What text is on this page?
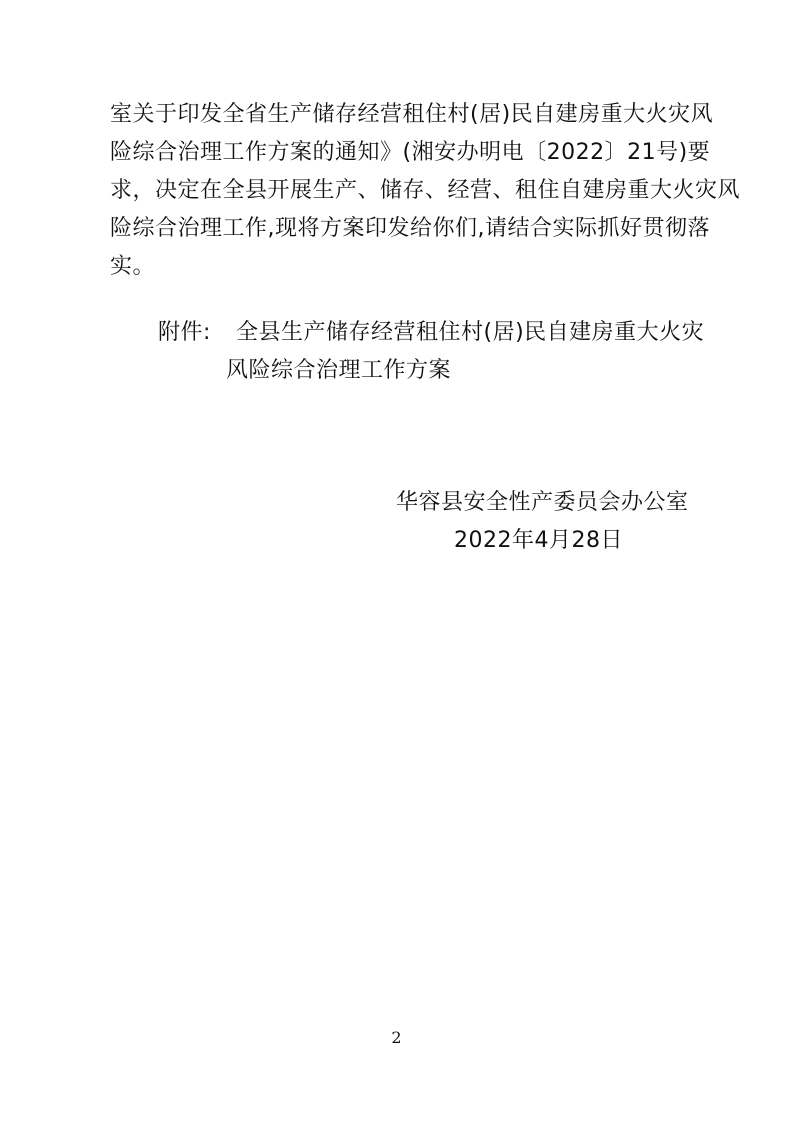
室关于印发全省生产储存经营租住村(居)民自建房重大火灾风
险综合治理工作方案的通知》(湘安办明电〔2022〕21号)要
求，决定在全县开展生产、储存、经营、租住自建房重大火灾风
险综合治理工作,现将方案印发给你们,请结合实际抓好贯彻落
实。
附件: 全县生产储存经营租住村(居)民自建房重大火灾
风险综合治理工作方案
华容县安全性产委员会办公室
2022年4月28日
2
